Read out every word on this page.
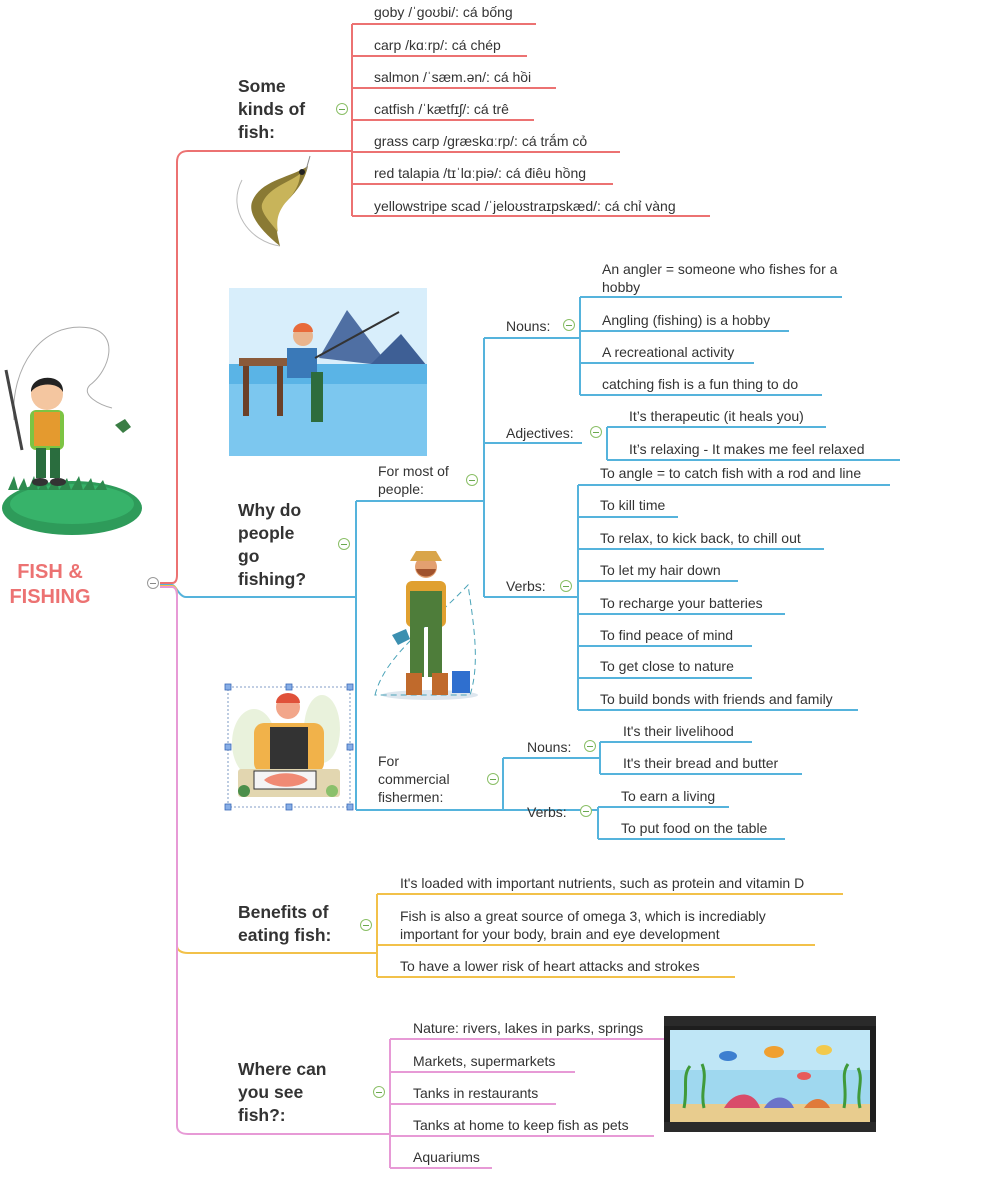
FISH &
FISHING
Some kinds of fish:
goby /ˈɡoʊbi/: cá bống
carp /kɑːrp/: cá chép
salmon /ˈsæm.ən/: cá hồi
catfish /ˈkætfɪʃ/: cá trê
grass carp /græskɑːrp/: cá trắm cỏ
red talapia /tɪˈlɑːpiə/: cá điêu hồng
yellowstripe scad /ˈjeloʊstraɪpskæd/: cá chỉ vàng
Why do people go fishing?
For most of people:
Nouns:
An angler = someone who fishes for a hobby
Angling (fishing) is a hobby
A recreational activity
catching fish is a fun thing to do
Adjectives:
It’s therapeutic (it heals you)
It’s relaxing - It makes me feel relaxed
Verbs:
To angle = to catch fish with a rod and line
To kill time
To relax, to kick back, to chill out
To let my hair down
To recharge your batteries
To find peace of mind
To get close to nature
To build bonds with friends and family
For commercial fishermen:
Nouns:
It's their livelihood
It's their bread and butter
Verbs:
To earn a living
To put food on the table
Benefits of eating fish:
It's loaded with important nutrients, such as protein and vitamin D
Fish is also a great source of omega 3, which is incrediably important for your body, brain and eye development
To have a lower risk of heart attacks and strokes
Where can you see fish?:
Nature: rivers, lakes in parks, springs
Markets, supermarkets
Tanks in restaurants
Tanks at home to keep fish as pets
Aquariums
